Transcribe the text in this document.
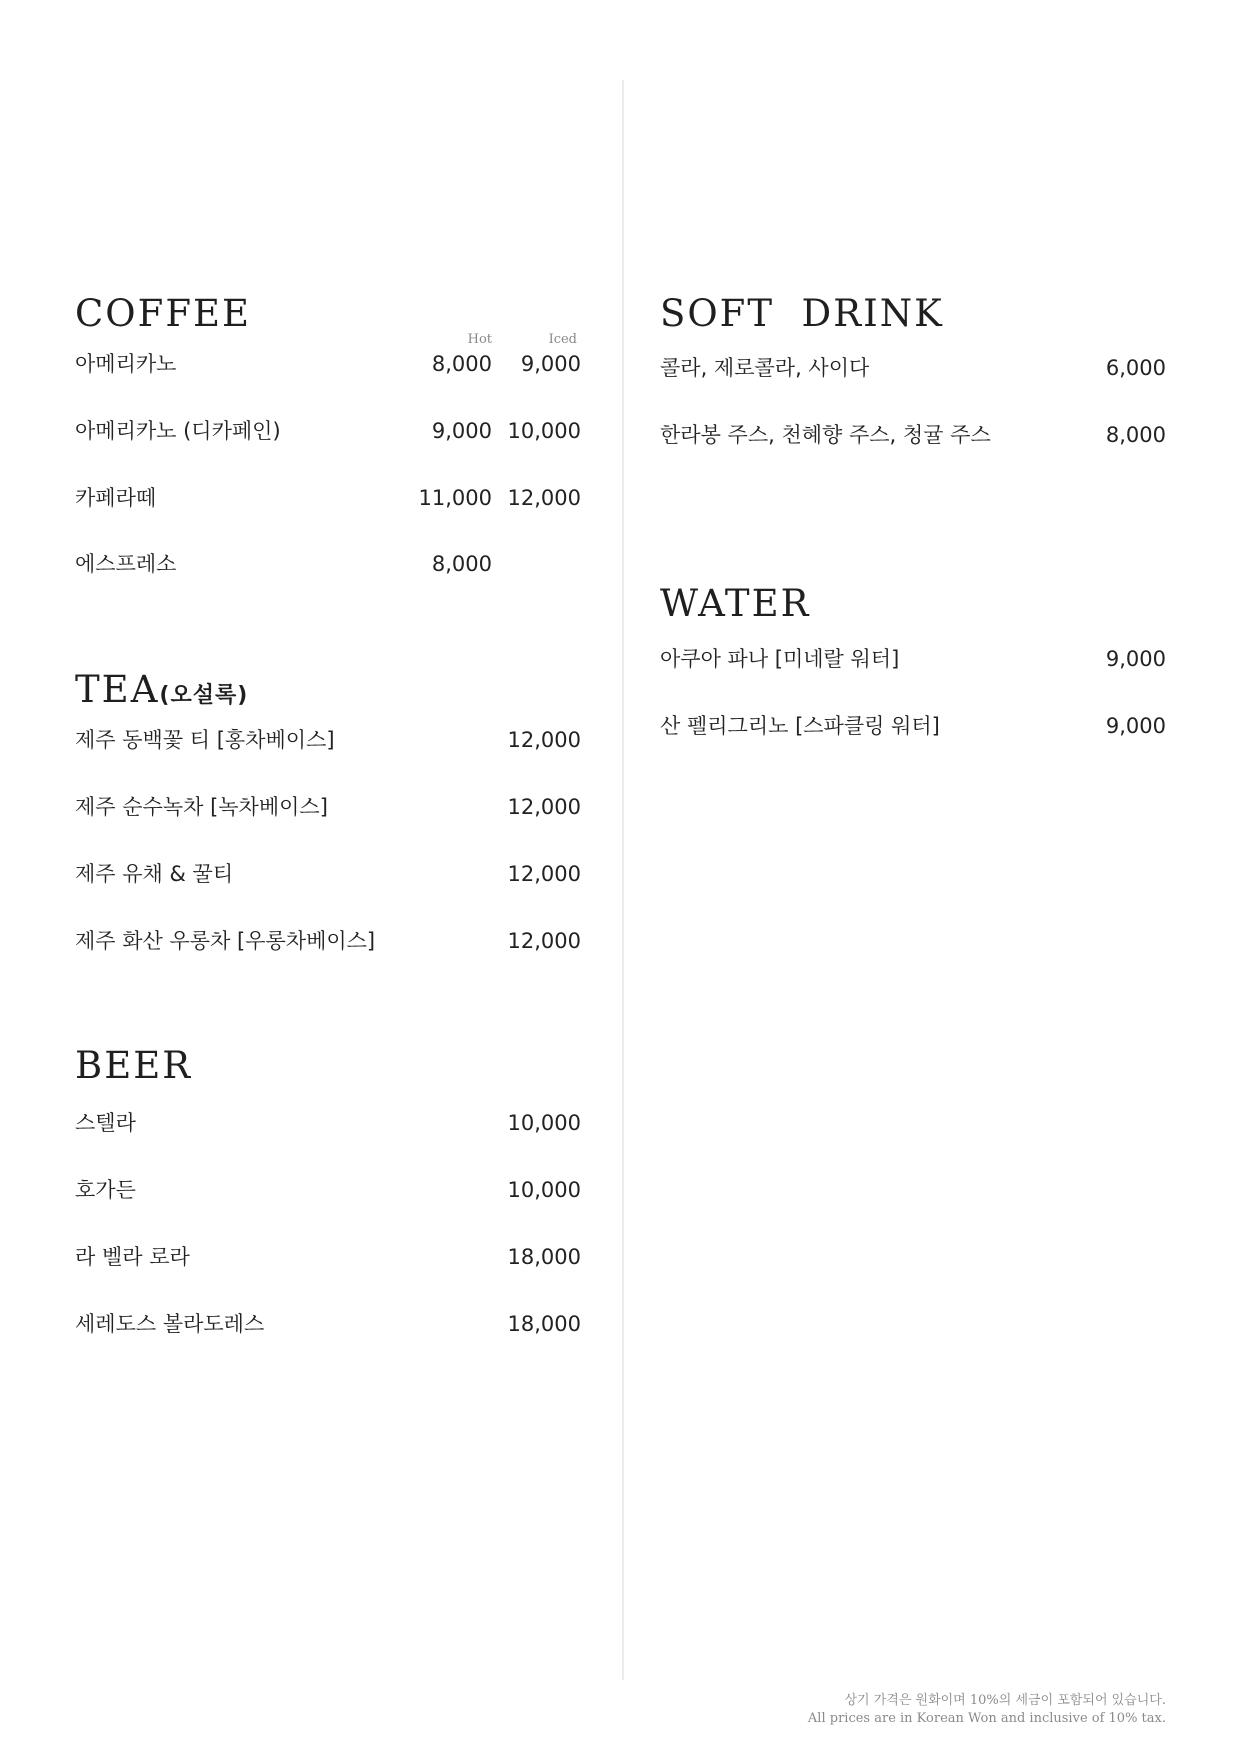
COFFEE
Hot	Iced
아메리카노	8,000	9,000
아메리카노 (디카페인)	9,000 10,000
카페라떼	11,000 12,000
에스프레소	8,000
TEA(오설록)
제주 동백꽃 티 [홍차베이스]	12,000
제주 순수녹차 [녹차베이스]	12,000
제주 유채 & 꿀티	12,000
제주 화산 우롱차 [우롱차베이스]	12,000
BEER
스텔라	10,000
호가든	10,000
라 벨라 로라	18,000
세레도스 볼라도레스	18,000
SOFT  DRINK
콜라, 제로콜라, 사이다	6,000
한라봉 주스, 천혜향 주스, 청귤 주스	8,000
WATER
아쿠아 파나 [미네랄 워터]	9,000
산 펠리그리노 [스파클링 워터]	9,000
상기 가격은 원화이며 10%의 세금이 포함되어 있습니다.
All prices are in Korean Won and inclusive of 10% tax.
